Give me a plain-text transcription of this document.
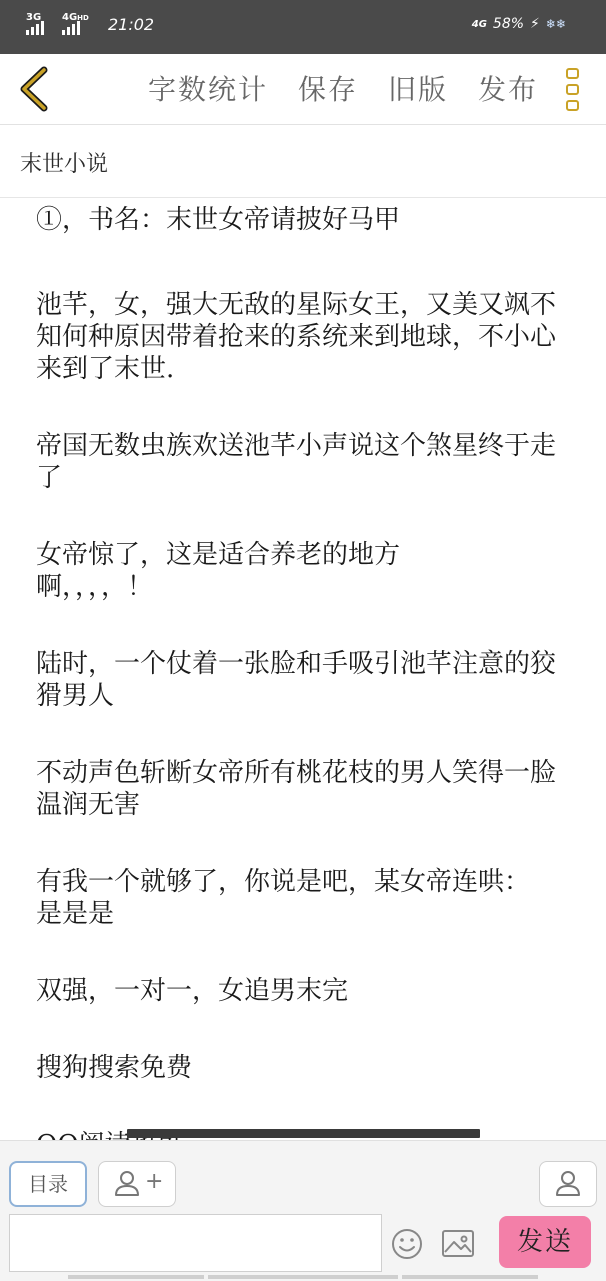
3G $4G^{HD}$ 21:02	4G 58% ⚡ ❄❄
字数统计 保存 旧版 发布
末世小说

①，书名：末世女帝请披好马甲

池芊，女，强大无敌的星际女王，又美又飒不知何种原因带着抢来的系统来到地球，不小心来到了末世.

帝国无数虫族欢送池芊小声说这个煞星终于走了

女帝惊了，这是适合养老的地方啊，，，，！

陆时，一个仗着一张脸和手吸引池芊注意的狡猾男人

不动声色斩断女帝所有桃花枝的男人笑得一脸温润无害

有我一个就够了，你说是吧，某女帝连哄：是是是

双强，一对一，女追男末完

搜狗搜索免费

目录	+
发送
